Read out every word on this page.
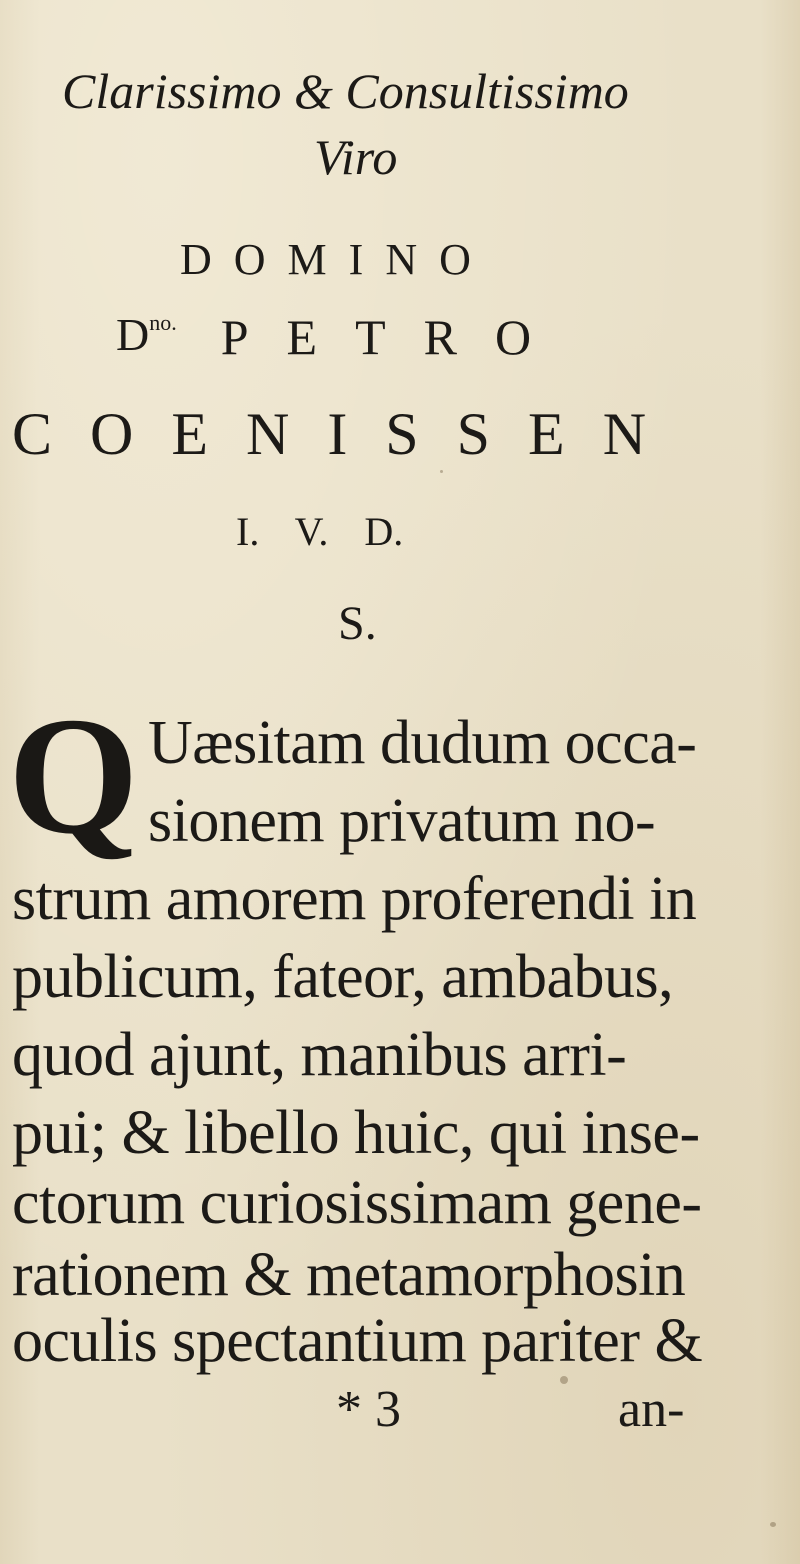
Clarissimo & Consultissimo

Viro

DOMINO

$D^{no.}$ PETRO

COENISSEN

I. V. D.

S.

Q Uæsitam dudum occa-

sionem privatum no-

strum amorem proferendi in

publicum, fateor, ambabus,

quod ajunt, manibus arri-

pui; & libello huic, qui inse-

ctorum curiosissimam gene-

rationem & metamorphosin

oculis spectantium pariter &

* 3	an-
